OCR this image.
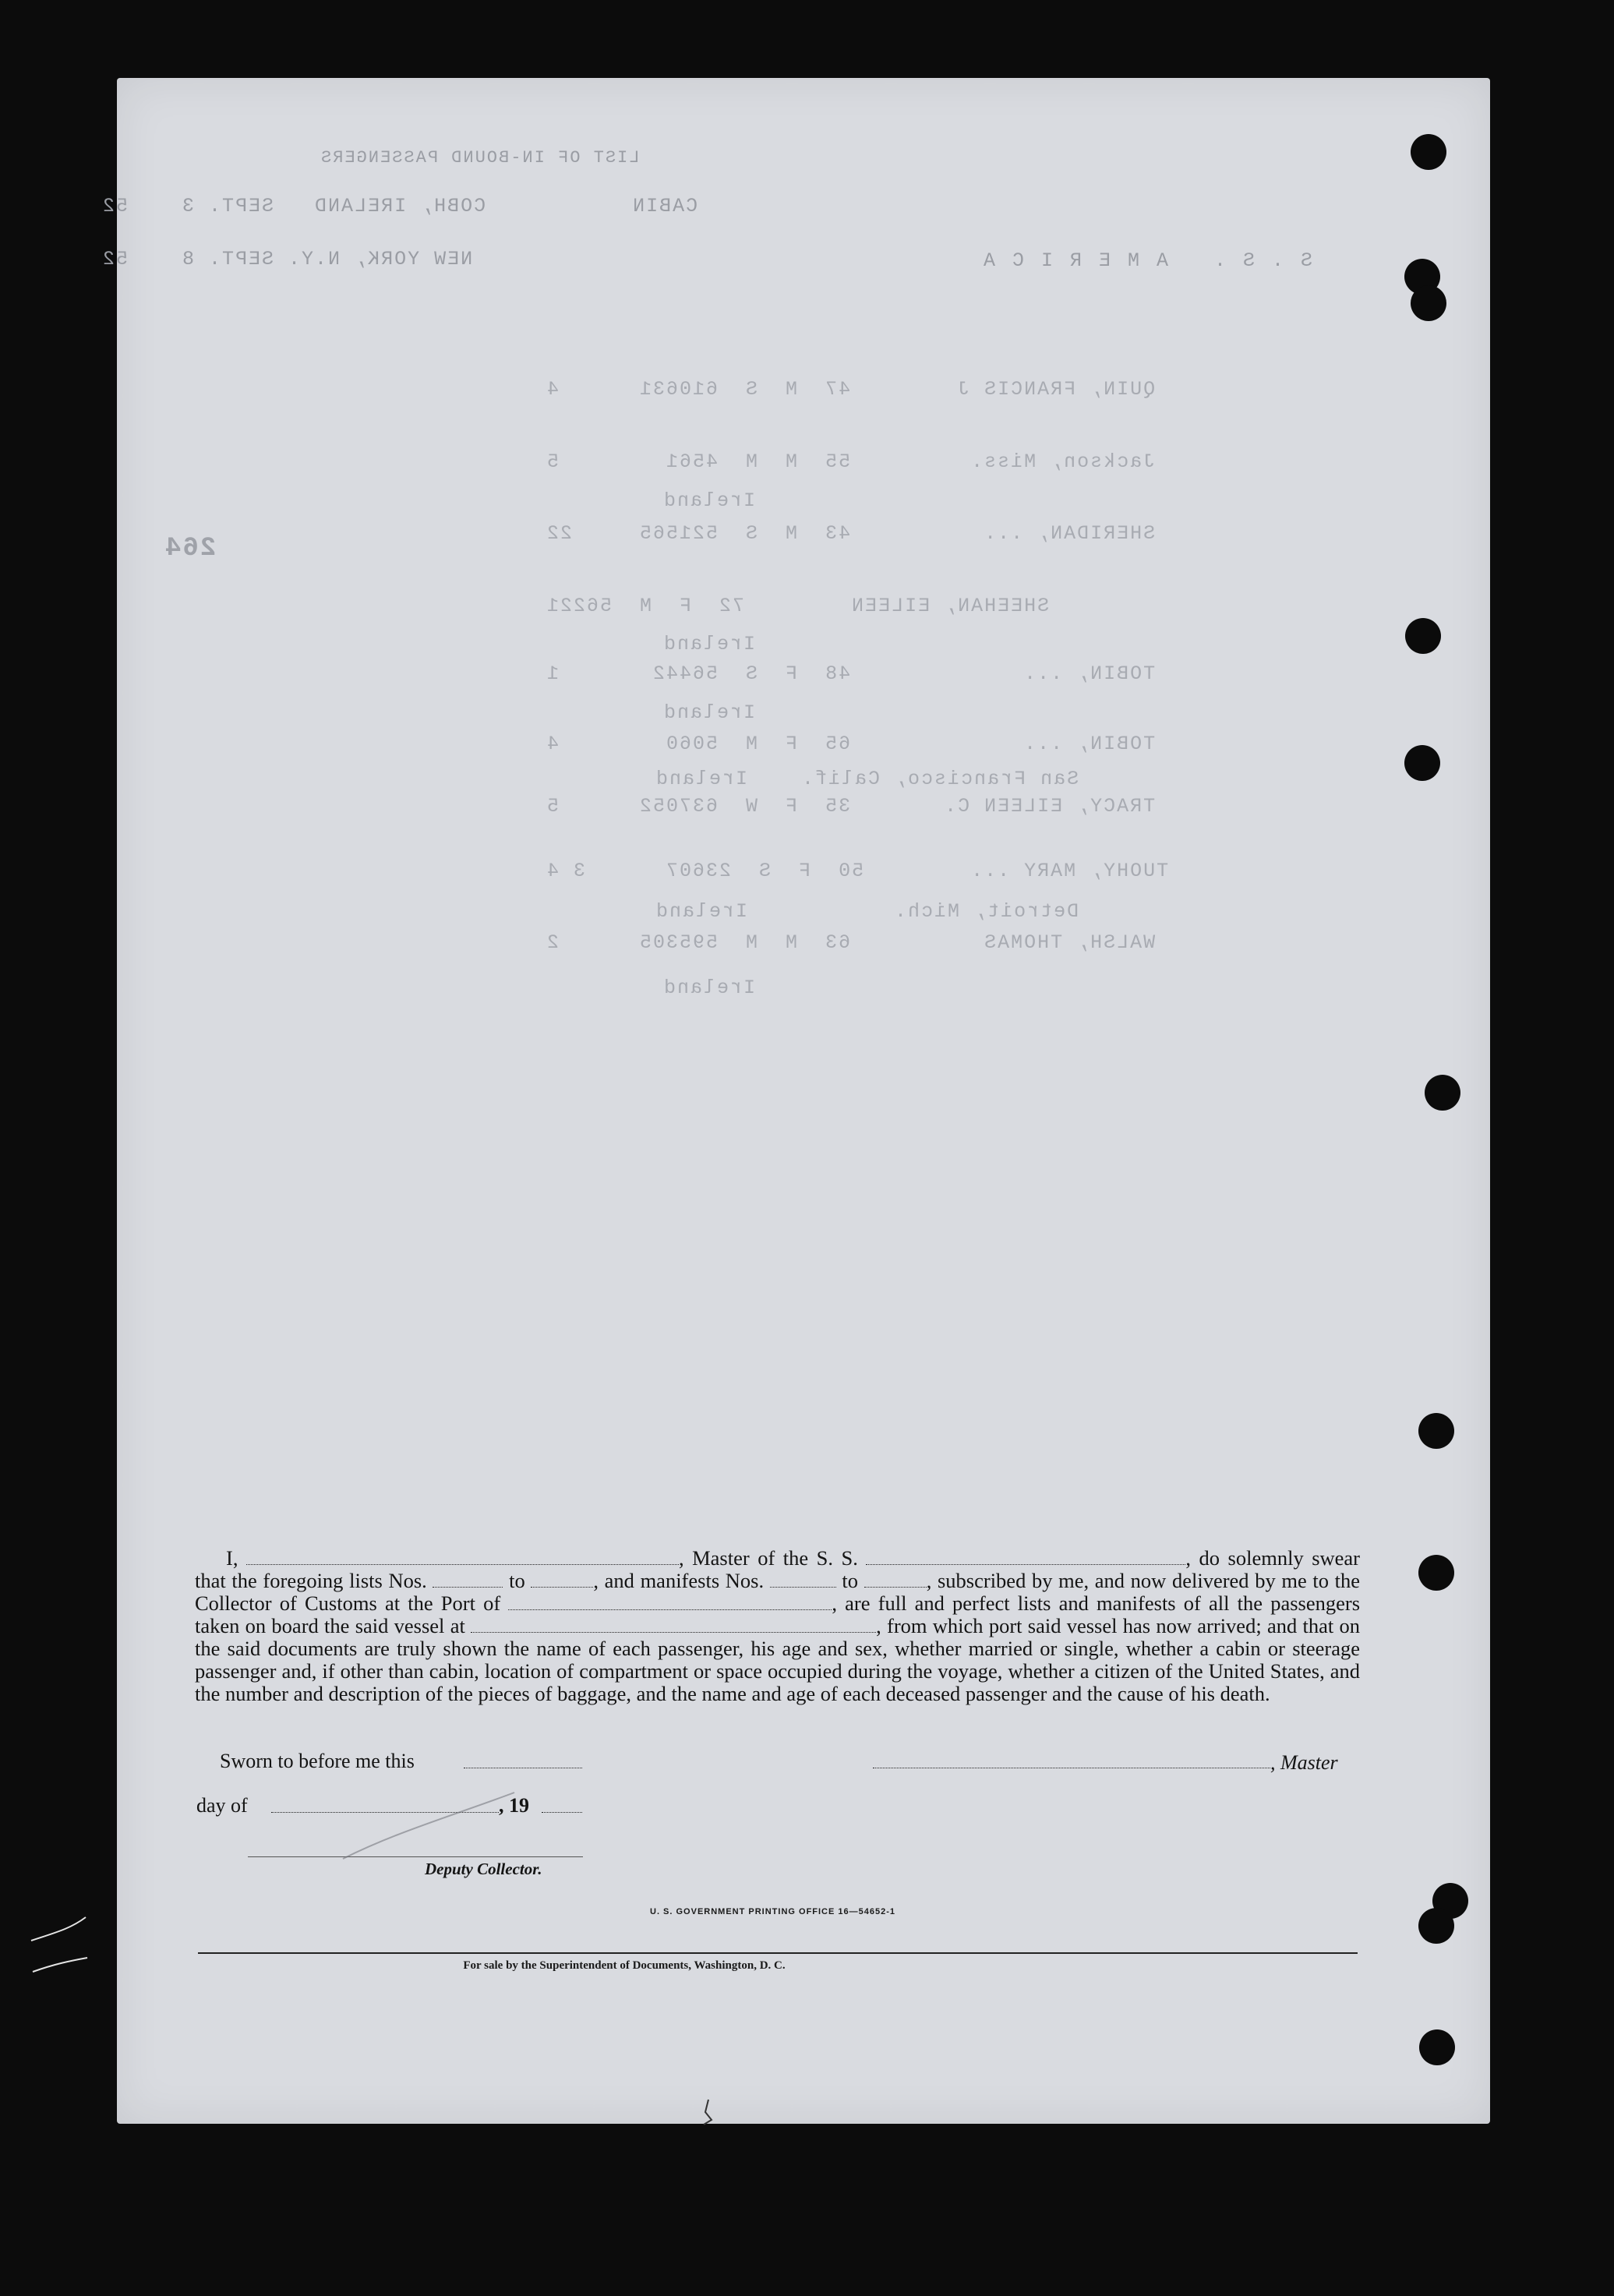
LIST OF IN-BOUND PASSENGERS
CABIN           COBH, IRELAND   SEPT. 3    52
NEW YORK, N.Y. SEPT. 8    52	S.S. AMERICA
QUIN, FRANCIS J        47  M  S  610631      4
Jackson, Miss.         55  M  M  4561        5
Ireland
SHERIDAN, ...          43  M  S  521565     22
SHEEHAN, EILEEN        72  F  M  56221
Ireland
TOBIN, ...             48  F  S  56442       1
Ireland
TOBIN, ...             65  F  M  5060        4
San Francisco, Calif.    Ireland
TRACY, EILEEN C.       35  F  W  637052      5
TUOHY, MARY ...        50  F  S  23607      3 4
Detroit, Mich.           Ireland
WALSH, THOMAS          63  M  M  595305      2
Ireland
264
I,	, Master of the S. S.	, do solemnly swear that the foregoing lists Nos.	to	, and manifests Nos.	to	, subscribed by me, and now delivered by me to the Collector of Customs at the Port of	, are full and perfect lists and manifests of all the passengers taken on board the said vessel at	, from which port said vessel has now arrived; and that on the said documents are truly shown the name of each passenger, his age and sex, whether married or single, whether a cabin or steerage passenger and, if other than cabin, location of compartment or space occupied during the voyage, whether a citizen of the United States, and the number and description of the pieces of baggage, and the name and age of each deceased passenger and the cause of his death.
Sworn to before me this	, Master
day of	, 19
Deputy Collector.
U. S. GOVERNMENT PRINTING OFFICE 16—54652-1
For sale by the Superintendent of Documents, Washington, D. C.
